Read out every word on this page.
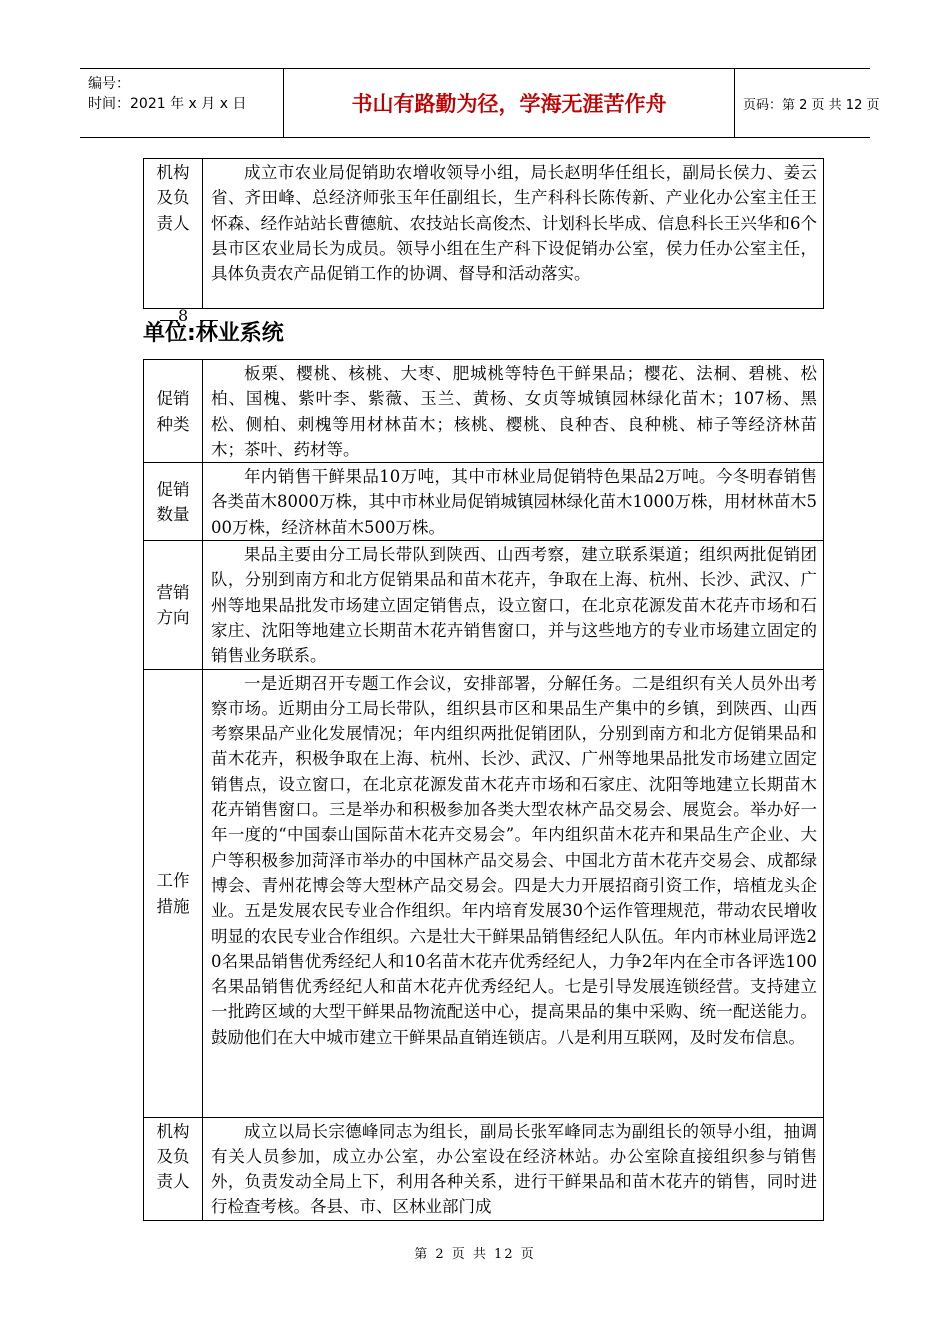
编号：
时间：2021 年 x 月 x 日	书山有路勤为径，学海无涯苦作舟	页码：第 2 页 共 12 页
机构
及负
责人
	成立市农业局促销助农增收领导小组，局长赵明华任组长，副局长侯力、姜云省、齐田峰、总经济师张玉年任副组长，生产科科长陈传新、产业化办公室主任王怀森、经作站站长曹德航、农技站长高俊杰、计划科长毕成、信息科长王兴华和6个县市区农业局长为成员。领导小组在生产科下设促销办公室，侯力任办公室主任，具体负责农产品促销工作的协调、督导和活动落实。
8
单位:林业系统
促销
种类	板栗、樱桃、核桃、大枣、肥城桃等特色干鲜果品；樱花、法桐、碧桃、松柏、国槐、紫叶李、紫薇、玉兰、黄杨、女贞等城镇园林绿化苗木；107杨、黑松、侧柏、刺槐等用材林苗木；核桃、樱桃、良种杏、良种桃、柿子等经济林苗木；茶叶、药材等。

促销
数量	年内销售干鲜果品10万吨，其中市林业局促销特色果品2万吨。今冬明春销售各类苗木8000万株，其中市林业局促销城镇园林绿化苗木1000万株，用材林苗木500万株，经济林苗木500万株。

营销
方向	果品主要由分工局长带队到陕西、山西考察，建立联系渠道；组织两批促销团队，分别到南方和北方促销果品和苗木花卉，争取在上海、杭州、长沙、武汉、广州等地果品批发市场建立固定销售点，设立窗口，在北京花源发苗木花卉市场和石家庄、沈阳等地建立长期苗木花卉销售窗口，并与这些地方的专业市场建立固定的销售业务联系。

工作
措施	一是近期召开专题工作会议，安排部署，分解任务。二是组织有关人员外出考察市场。近期由分工局长带队，组织县市区和果品生产集中的乡镇，到陕西、山西考察果品产业化发展情况；年内组织两批促销团队，分别到南方和北方促销果品和苗木花卉，积极争取在上海、杭州、长沙、武汉、广州等地果品批发市场建立固定销售点，设立窗口，在北京花源发苗木花卉市场和石家庄、沈阳等地建立长期苗木花卉销售窗口。三是举办和积极参加各类大型农林产品交易会、展览会。举办好一年一度的“中国泰山国际苗木花卉交易会”。年内组织苗木花卉和果品生产企业、大户等积极参加菏泽市举办的中国林产品交易会、中国北方苗木花卉交易会、成都绿博会、青州花博会等大型林产品交易会。四是大力开展招商引资工作，培植龙头企业。五是发展农民专业合作组织。年内培育发展30个运作管理规范，带动农民增收明显的农民专业合作组织。六是壮大干鲜果品销售经纪人队伍。年内市林业局评选20名果品销售优秀经纪人和10名苗木花卉优秀经纪人，力争2年内在全市各评选100名果品销售优秀经纪人和苗木花卉优秀经纪人。七是引导发展连锁经营。支持建立一批跨区域的大型干鲜果品物流配送中心，提高果品的集中采购、统一配送能力。鼓励他们在大中城市建立干鲜果品直销连锁店。八是利用互联网，及时发布信息。

机构
及负
责人	成立以局长宗德峰同志为组长，副局长张军峰同志为副组长的领导小组，抽调有关人员参加，成立办公室，办公室设在经济林站。办公室除直接组织参与销售外，负责发动全局上下，利用各种关系，进行干鲜果品和苗木花卉的销售，同时进行检查考核。各县、市、区林业部门成
第 2 页 共 12 页
